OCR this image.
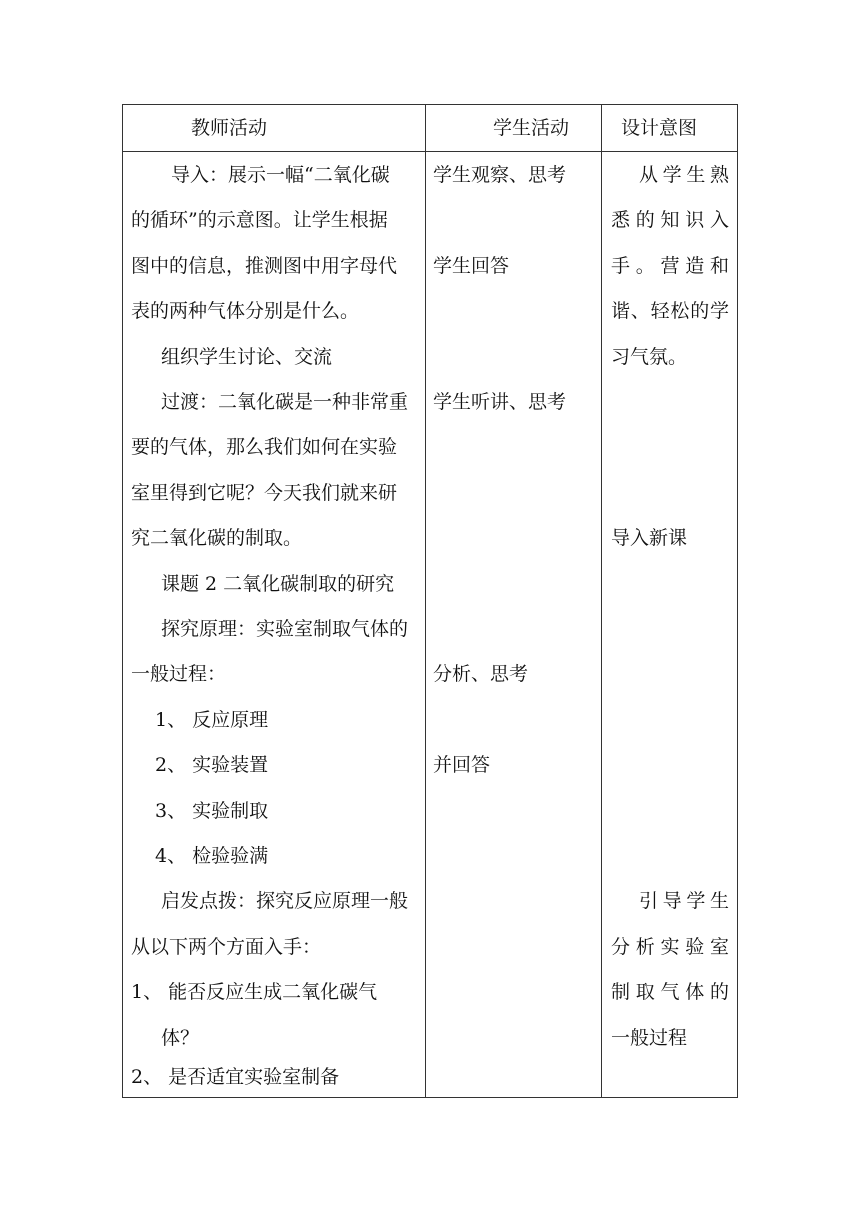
教师活动	学生活动	设计意图
导入：展示一幅“二氧化碳
的循环”的示意图。让学生根据
图中的信息，推测图中用字母代
表的两种气体分别是什么。
组织学生讨论、交流
过渡：二氧化碳是一种非常重
要的气体，那么我们如何在实验
室里得到它呢？今天我们就来研
究二氧化碳的制取。
课题 2 二氧化碳制取的研究
探究原理：实验室制取气体的
一般过程：
1、 反应原理
2、 实验装置
3、 实验制取
4、 检验验满
启发点拨：探究反应原理一般
从以下两个方面入手：
1、 能否反应生成二氧化碳气
体？
2、 是否适宜实验室制备
学生观察、思考
学生回答
学生听讲、思考
分析、思考
并回答
从学生熟
悉的知识入
手。营造和
谐、轻松的学
习气氛。
导入新课
引导学生
分析实验室
制取气体的
一般过程
